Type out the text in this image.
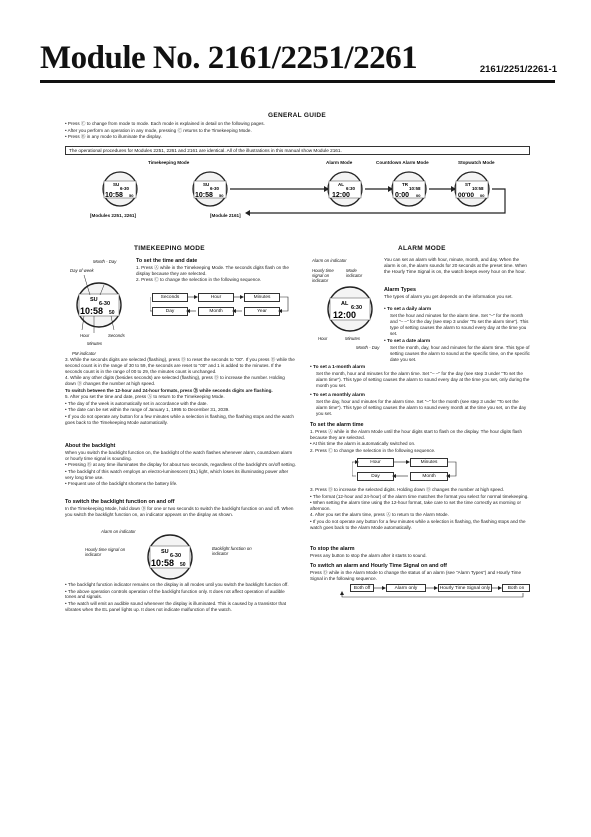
Module No. 2161/2251/2261	2161/2251/2261-1
GENERAL GUIDE

• Press Ⓒ to change from mode to mode. Each mode is explained in detail on the following pages.

• After you perform an operation in any mode, pressing Ⓒ returns to the Timekeeping Mode.

• Press Ⓑ in any mode to illuminate the display.

The operational procedures for Modules 2251, 2261 and 2161 are identical. All of the illustrations in this manual show Module 2161.
Timekeeping Mode	Alarm Mode	Countdown Alarm Mode	Stopwatch Mode
SU
6-30
10:58 50
SU
6-30
10:58 50
AL
6:30
12:00
TR
10:58
0:00 00
ST
10:58
00'00 00
[Modules 2251, 2261]	[Module 2161]
TIMEKEEPING MODE
Month - Day
Day of week
SU
6-30
10:58 50
Hour	Seconds
Minutes
PM indicator
To set the time and date

1. Press Ⓐ while in the Timekeeping Mode. The seconds digits flash on the display because they are selected.

2. Press Ⓒ to change the selection in the following sequence.

Seconds	Hour	Minutes
Day	Month	Year

3. While the seconds digits are selected (flashing), press Ⓓ to reset the seconds to "00". If you press Ⓓ while the second count is in the range of 30 to 59, the seconds are reset to "00" and 1 is added to the minutes. If the seconds count is in the range of 00 to 29, the minutes count is unchanged.

4. While any other digits (besides seconds) are selected (flashing), press Ⓓ to increase the number. Holding down Ⓓ changes the number at high speed.

To switch between the 12-hour and 24-hour formats, press Ⓓ while seconds digits are flashing.

5. After you set the time and date, press Ⓐ to return to the Timekeeping Mode.

• The day of the week is automatically set in accordance with the date.

• The date can be set within the range of January 1, 1995 to December 31, 2039.

• If you do not operate any button for a few minutes while a selection is flashing, the flashing stops and the watch goes back to the Timekeeping Mode automatically.

About the backlight

When you switch the backlight function on, the backlight of the watch flashes whenever alarm, countdown alarm or hourly time signal is sounding.

• Pressing Ⓑ at any time illuminates the display for about two seconds, regardless of the backlight's on/off setting.

• The backlight of this watch employs an electro-luminescent (EL) light, which loses its illuminating power after very long time use.

• Frequent use of the backlight shortens the battery life.

To switch the backlight function on and off
In the Timekeeping Mode, hold down Ⓓ for one or two seconds to switch the backlight function on and off. When you switch the backlight function on, an indicator appears on the display as shown.
Alarm on indicator
Hourly time signal on indicator	SU
6-30
10:58 50
Backlight function on indicator

• The backlight function indicator remains on the display in all modes until you switch the backlight function off.

• The above operation controls operation of the backlight function only. It does not affect operation of audible tones and signals.

• The watch will emit an audible sound whenever the display is illuminated. This is caused by a transistor that vibrates when the EL panel lights up. It does not indicate malfunction of the watch.

ALARM MODE
Alarm on indicator
Hourly time signal on indicator
Mode indicator
AL
6:30
12:00
Hour	Minutes
Month - Day
You can set an alarm with hour, minute, month, and day. When the alarm is on, the alarm sounds for 20 seconds at the preset time. When the Hourly Time Signal is on, the watch beeps every hour on the hour.
Alarm Types
The types of alarm you get depends on the information you set.
• To set a daily alarm
Set the hour and minutes for the alarm time. Set "–" for the month and "– –" for the day (see step 3 under "To set the alarm time"). This type of setting causes the alarm to sound every day at the time you set.
• To set a date alarm
Set the month, day, hour and minutes for the alarm time. This type of setting causes the alarm to sound at the specific time, on the specific date you set.
• To set a 1-month alarm
Set the month, hour and minutes for the alarm time. Set "– –" for the day (see step 3 under "To set the alarm time"). This type of setting causes the alarm to sound every day at the time you set, only during the month you set.
• To set a monthly alarm
Set the day, hour and minutes for the alarm time. Set "–" for the month (see step 3 under "To set the alarm time"). This type of setting causes the alarm to sound every month at the time you set, on the day you set.
To set the alarm time

1. Press Ⓐ while in the Alarm Mode until the hour digits start to flash on the display. The hour digits flash because they are selected.

• At this time the alarm is automatically switched on.

2. Press Ⓒ to change the selection in the following sequence.

Hour	Minutes
Day	Month

3. Press Ⓓ to increase the selected digits. Holding down Ⓓ changes the number at high speed.

• The format (12-hour and 24-hour) of the alarm time matches the format you select for normal timekeeping.

• When setting the alarm time using the 12-hour format, take care to set the time correctly as morning or afternoon.

4. After you set the alarm time, press Ⓐ to return to the Alarm Mode.

• If you do not operate any button for a few minutes while a selection is flashing, the flashing stops and the watch goes back to the Alarm Mode automatically.

To stop the alarm
Press any button to stop the alarm after it starts to sound.
To switch an alarm and Hourly Time Signal on and off
Press Ⓓ while in the Alarm Mode to change the status of an alarm (see "Alarm Types") and Hourly Time Signal in the following sequence.
Both off	Alarm only	Hourly Time Signal only	Both on
